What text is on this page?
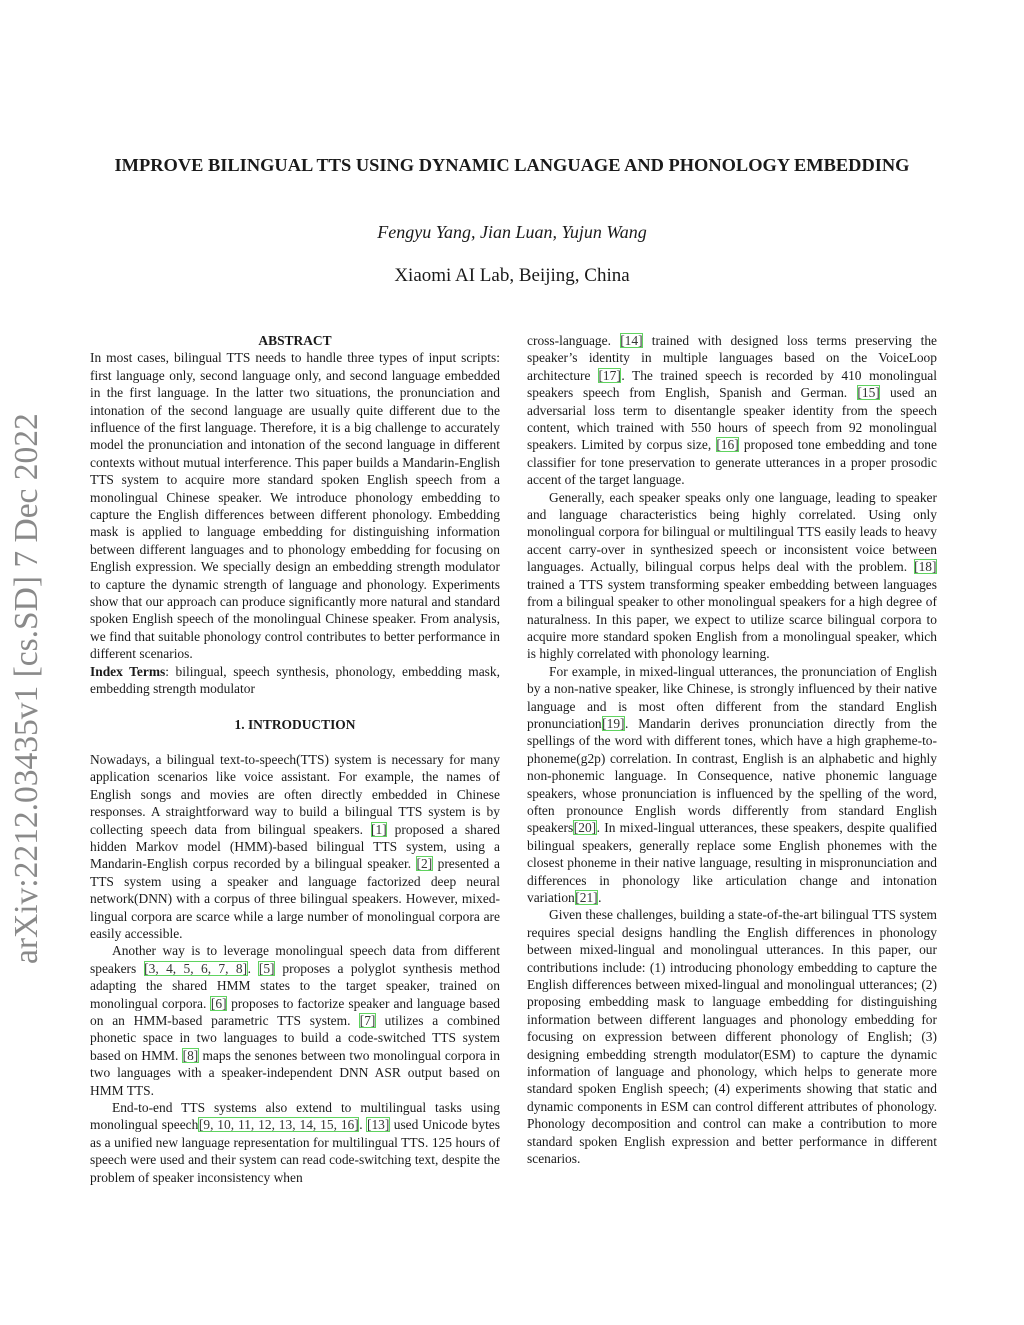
arXiv:2212.03435v1 [cs.SD] 7 Dec 2022
IMPROVE BILINGUAL TTS USING DYNAMIC LANGUAGE AND PHONOLOGY EMBEDDING
Fengyu Yang, Jian Luan, Yujun Wang
Xiaomi AI Lab, Beijing, China
ABSTRACT

In most cases, bilingual TTS needs to handle three types of input scripts: first language only, second language only, and second language embedded in the first language. In the latter two situations, the pronunciation and intonation of the second language are usually quite different due to the influence of the first language. Therefore, it is a big challenge to accurately model the pronunciation and intonation of the second language in different contexts without mutual interference. This paper builds a Mandarin-English TTS system to acquire more standard spoken English speech from a monolingual Chinese speaker. We introduce phonology embedding to capture the English differences between different phonology. Embedding mask is applied to language embedding for distinguishing information between different languages and to phonology embedding for focusing on English expression. We specially design an embedding strength modulator to capture the dynamic strength of language and phonology. Experiments show that our approach can produce significantly more natural and standard spoken English speech of the monolingual Chinese speaker. From analysis, we find that suitable phonology control contributes to better performance in different scenarios.

Index Terms: bilingual, speech synthesis, phonology, embedding mask, embedding strength modulator

1. INTRODUCTION

Nowadays, a bilingual text-to-speech(TTS) system is necessary for many application scenarios like voice assistant. For example, the names of English songs and movies are often directly embedded in Chinese responses. A straightforward way to build a bilingual TTS system is by collecting speech data from bilingual speakers. [1] proposed a shared hidden Markov model (HMM)-based bilingual TTS system, using a Mandarin-English corpus recorded by a bilingual speaker. [2] presented a TTS system using a speaker and language factorized deep neural network(DNN) with a corpus of three bilingual speakers. However, mixed-lingual corpora are scarce while a large number of monolingual corpora are easily accessible.

Another way is to leverage monolingual speech data from different speakers [3, 4, 5, 6, 7, 8]. [5] proposes a polyglot synthesis method adapting the shared HMM states to the target speaker, trained on monolingual corpora. [6] proposes to factorize speaker and language based on an HMM-based parametric TTS system. [7] utilizes a combined phonetic space in two languages to build a code-switched TTS system based on HMM. [8] maps the senones between two monolingual corpora in two languages with a speaker-independent DNN ASR output based on HMM TTS.

End-to-end TTS systems also extend to multilingual tasks using monolingual speech[9, 10, 11, 12, 13, 14, 15, 16]. [13] used Unicode bytes as a unified new language representation for multilingual TTS. 125 hours of speech were used and their system can read code-switching text, despite the problem of speaker inconsistency when

cross-language. [14] trained with designed loss terms preserving the speaker’s identity in multiple languages based on the VoiceLoop architecture [17]. The trained speech is recorded by 410 monolingual speakers speech from English, Spanish and German. [15] used an adversarial loss term to disentangle speaker identity from the speech content, which trained with 550 hours of speech from 92 monolingual speakers. Limited by corpus size, [16] proposed tone embedding and tone classifier for tone preservation to generate utterances in a proper prosodic accent of the target language.

Generally, each speaker speaks only one language, leading to speaker and language characteristics being highly correlated. Using only monolingual corpora for bilingual or multilingual TTS easily leads to heavy accent carry-over in synthesized speech or inconsistent voice between languages. Actually, bilingual corpus helps deal with the problem. [18] trained a TTS system transforming speaker embedding between languages from a bilingual speaker to other monolingual speakers for a high degree of naturalness. In this paper, we expect to utilize scarce bilingual corpora to acquire more standard spoken English from a monolingual speaker, which is highly correlated with phonology learning.

For example, in mixed-lingual utterances, the pronunciation of English by a non-native speaker, like Chinese, is strongly influenced by their native language and is most often different from the standard English pronunciation[19]. Mandarin derives pronunciation directly from the spellings of the word with different tones, which have a high grapheme-to-phoneme(g2p) correlation. In contrast, English is an alphabetic and highly non-phonemic language. In Consequence, native phonemic language speakers, whose pronunciation is influenced by the spelling of the word, often pronounce English words differently from standard English speakers[20]. In mixed-lingual utterances, these speakers, despite qualified bilingual speakers, generally replace some English phonemes with the closest phoneme in their native language, resulting in mispronunciation and differences in phonology like articulation change and intonation variation[21].

Given these challenges, building a state-of-the-art bilingual TTS system requires special designs handling the English differences in phonology between mixed-lingual and monolingual utterances. In this paper, our contributions include: (1) introducing phonology embedding to capture the English differences between mixed-lingual and monolingual utterances; (2) proposing embedding mask to language embedding for distinguishing information between different languages and phonology embedding for focusing on expression between different phonology of English; (3) designing embedding strength modulator(ESM) to capture the dynamic information of language and phonology, which helps to generate more standard spoken English speech; (4) experiments showing that static and dynamic components in ESM can control different attributes of phonology. Phonology decomposition and control can make a contribution to more standard spoken English expression and better performance in different scenarios.
